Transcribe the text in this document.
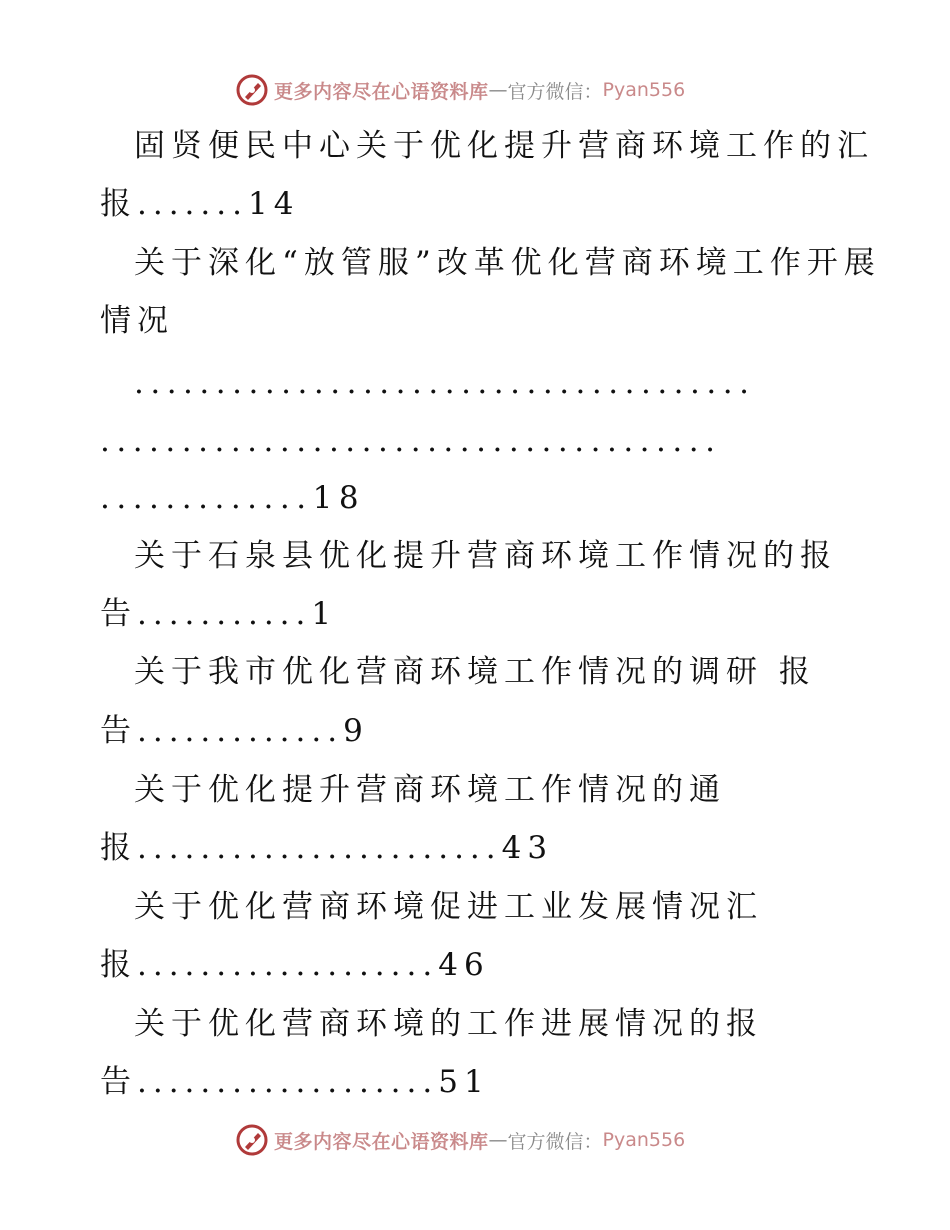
更多内容尽在心语资料库 — 官方微信： Pyan556
固贤便民中心关于优化提升营商环境工作的汇
报.......14
关于深化“放管服”改革优化营商环境工作开展
情况
......................................
......................................
.............18
关于石泉县优化提升营商环境工作情况的报
告...........1
关于我市优化营商环境工作情况的调研 报
告.............9
关于优化提升营商环境工作情况的通
报.......................43
关于优化营商环境促进工业发展情况汇
报...................46
关于优化营商环境的工作进展情况的报
告...................51
更多内容尽在心语资料库 — 官方微信： Pyan556
